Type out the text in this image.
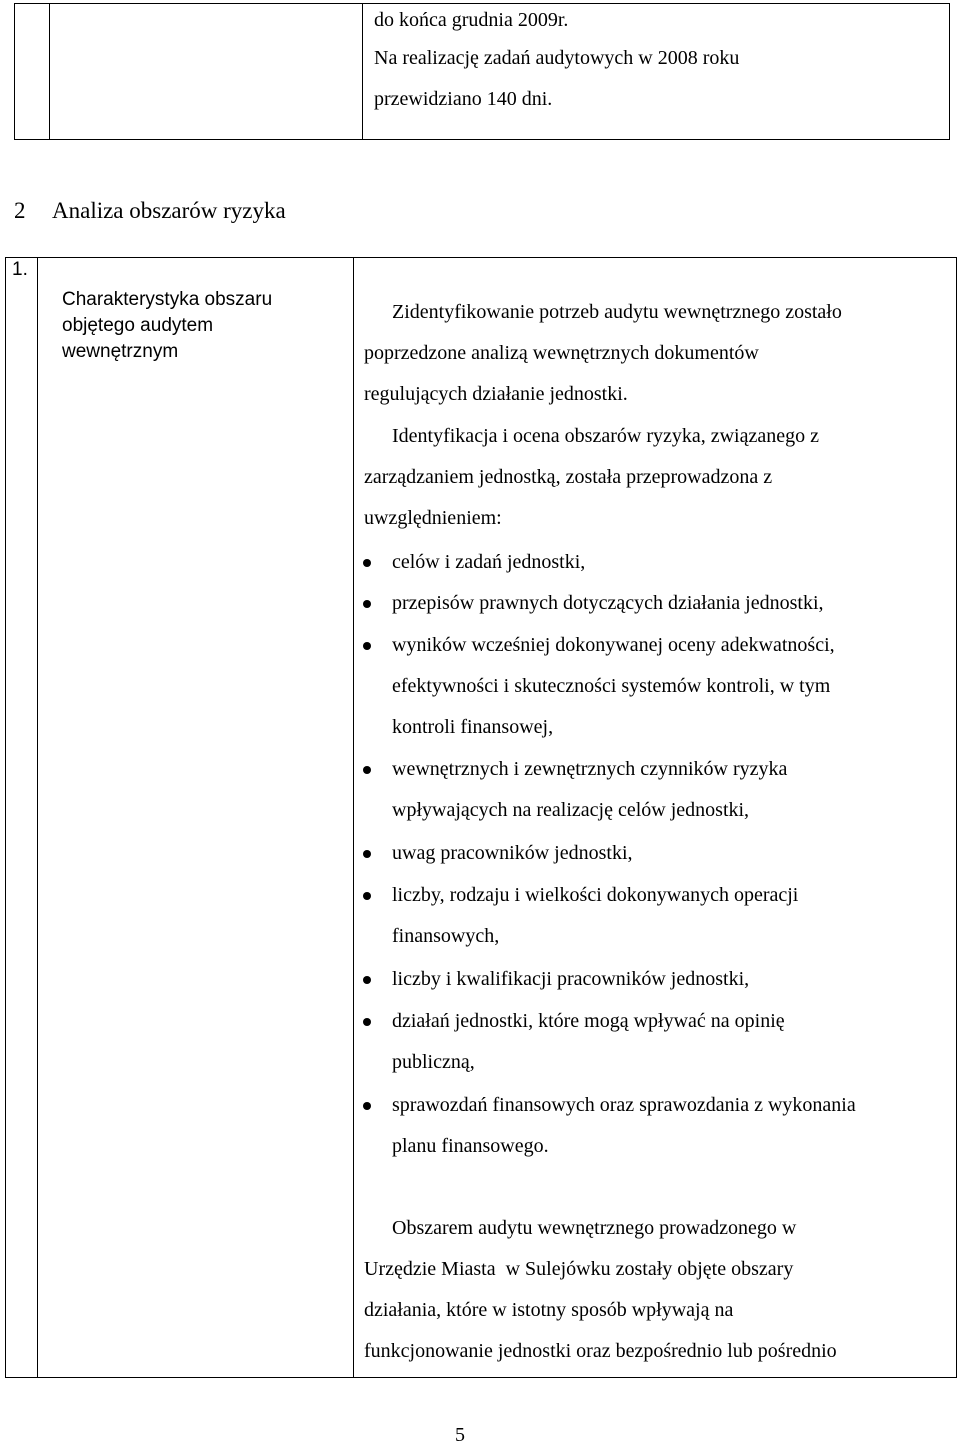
do końca grudnia 2009r.
Na realizację zadań audytowych w 2008 roku
przewidziano 140 dni.
2 Analiza obszarów ryzyka
1.
Charakterystyka obszaru
objętego audytem
wewnętrznym
Zidentyfikowanie potrzeb audytu wewnętrznego zostało
poprzedzone analizą wewnętrznych dokumentów
regulujących działanie jednostki.
Identyfikacja i ocena obszarów ryzyka, związanego z
zarządzaniem jednostką, została przeprowadzona z
uwzględnieniem:
celów i zadań jednostki,
przepisów prawnych dotyczących działania jednostki,
wyników wcześniej dokonywanej oceny adekwatności,
efektywności i skuteczności systemów kontroli, w tym
kontroli finansowej,
wewnętrznych i zewnętrznych czynników ryzyka
wpływających na realizację celów jednostki,
uwag pracowników jednostki,
liczby, rodzaju i wielkości dokonywanych operacji
finansowych,
liczby i kwalifikacji pracowników jednostki,
działań jednostki, które mogą wpływać na opinię
publiczną,
sprawozdań finansowych oraz sprawozdania z wykonania
planu finansowego.
Obszarem audytu wewnętrznego prowadzonego w
Urzędzie Miasta  w Sulejówku zostały objęte obszary
działania, które w istotny sposób wpływają na
funkcjonowanie jednostki oraz bezpośrednio lub pośrednio
5
